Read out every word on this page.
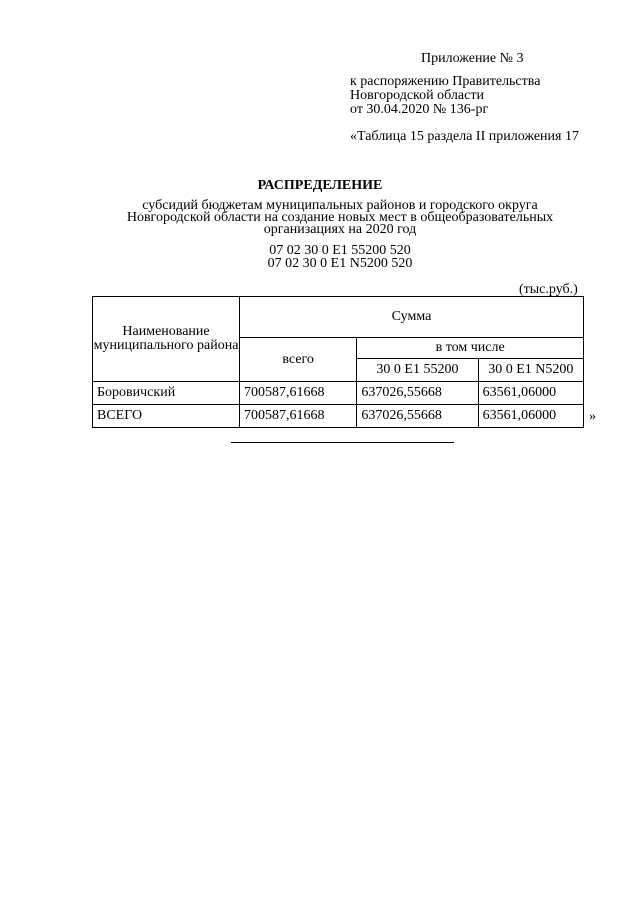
Приложение № 3
к распоряжению Правительства
Новгородской области
от 30.04.2020 № 136-рг
«Таблица 15 раздела II приложения 17
РАСПРЕДЕЛЕНИЕ
субсидий бюджетам муниципальных районов и городского округа
Новгородской области на создание новых мест в общеобразовательных
организациях на 2020 год
07 02 30 0 E1 55200 520
07 02 30 0 E1 N5200 520
(тыс.руб.)
Наименование муниципального района	Сумма		
	всего	в том числе	
		30 0 E1 55200	30 0 E1 N5200
Боровичский	700587,61668	637026,55668	63561,06000
ВСЕГО	700587,61668	637026,55668	63561,06000 »
